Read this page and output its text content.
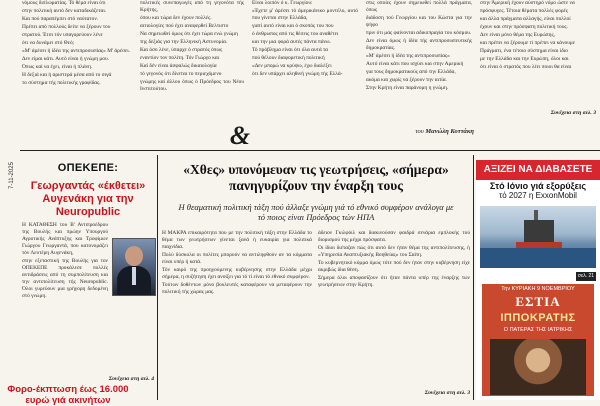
7-11-2025

νόμους διπλωματίας. Τό θέμα είναι ότι

στην πολιτική αυτό δεν καταδικάζεται.

Και πού παραπέμπει στό ναύτατον.

Πρέπει από πολλούς δείτε να ξέρουν του

στρατού. Έτσι τόν υπαγορεύουν λένε

ότι να δυνάμει στό Θεό;

«Μ' άρέσει ή ίδέα της αντιπροσωπίας» Μ' άρέσει.

Δεν είμαι κάτι. Αυτό είναι ή γνώμη μου.

Όπως καί να έχει, είναι ή πλάνη.

Η δεξιά και ή αριστερά μέσα από το σιγά

το σύστημα τής πολιτικής γραφίδας.

πολιτικές συνεπαγωγές από τη γεγονότα τής Κρήτης,

όπου και τώρα δεν έχουν πολλές.

αιτιολογίες πού έχει αναφερθεί Βελτιστο

Να σημειωθεί όμως ότι έχει τώρα ενώ γνώμη

της δεξιάς για την Ελληνική Αστυνομία.

Και όσο λένε, ύπαρχε ό στρατός όπως

εναντίον τον πολίτη. Τόν Γιώργο και

Καί δέν είναι άσφαλώς δικαιολογία

τό γεγονός ότι δίνεται το περιεχόμενο

γνώμης καί άλλου όπως ό Πρόεδρος του Νέου Ινστιτούτου.

Είναι λοιπόν ό κ. Γεωργίου:

«Έχετε μ' άρέσει τό άμερικάνικο μοντέλο, αυτό που γίνεται στην Ελλάδα,

γιατί αυτό είναι και ό σκοπός του που

ό άνθρωπος από τις θέσεις του αναθέτει

και την μια φορά αυτές πάντα πάνω.

Τό πρόβλημα είναι ότι όλα αυτά τα

πού θέλουν διαφορετική πολιτική

«Δεν μπορώ να κρύψω, έχω διαλέξει

ότι δεν υπάρχει αληθινή γνώμη τής Ελλά-

στις οποίες έχουν σημειωθεί πολλά πράγματα, όπως

διάδοση τού Γεωργίου και του Κώστα για την ψήφο

πριν ότι μας φαίνονται αδικοπραγία του κόσμου.

Δεν είναι όμως ή ίδέα τής αντιπροσωπευτικής δημοκρατίας.

«Μ' άρέσει ή ίδέα της αντιπροσωπίας»

Αυτό είναι κάτι που ισχύει και στην Αμερική

για τους δημοκρατικούς από την Ελλάδα,

ακόμα και χωρίς να ξέρουν την αιτία.

Στην Κρήτη είναι παράνομη η γνώμη.

στην Άμερική έχουν αύστηρό νόμο ώστε να

πρόσφυγες. Τέτοια θέματα πολλές φορές

και άλλα πράγματα αλλαγής, είναι πολλοί

έχουν και στην πρόσφατη πολιτική τους.

Δεν είναι μόνο θέμα της Ευρώπης,

και πρέπει να ξέρουμε τί πρέπει να κάνουμε

Πράγματι, ένα τέτοιο σύστημα είναι ίδιο

με την Ελλάδα και την Ευρώπη, όλοι και

ότι είναι ό στρατός που λέει ποιοι θα είναι

Συνέχεια στη σελ. 3
&	του Μανώλη Κοττάκη
ΟΠΕΚΕΠΕ:
Γεωργαντάς «έκθετει» Αυγενάκη για την Neuropublic

Η ΚΑΤΑΘΕΣΗ του Β' Αντιπροέδρου της Βουλής και πρώην Υπουργού Αγροτικής Ανάπτυξης και Τροφίμων Γιώργου Γεωργαντά, που κατονομάζει τόν Λευτέρη Αυγενάκη,

στην εξεταστική της Βουλής για τον ΟΠΕΚΕΠΕ προκάλεσε πολλές αντιδράσεις από τη συμπολίτευση και την αντιπολίτευση τής Neuropublic. Όλοι γυρεύουν μια γρήγορη δεδομένη στό γνώμη.

Συνέχεια στη σελ. 4
Φορο-έκπτωση έως 16.000 ευρώ γιά ακινήτων
«Χθες» υπονόμευαν τις γεωτρήσεις, «σήμερα» πανηγυρίζουν την έναρξη τους
Η θεαματική πολιτική τάξη πού άλλαξε γνώμη γιά τό εθνικό συμφέρον ανάλογα με τό ποιος είναι Πρόεδρος τών ΗΠΑ

Η ΜΑΚΡΑ επικαιρότητα που με την πολιτική τάξη στην Ελλάδα το θέμα των γεωτρήσεων γίνεται ξανά ή ευκαιρία για πολιτικά παιχνίδια.

Πολύ δύσκολα οι πολίτες μπορούν να αντιληφθούν αν τα κόμματα είναι υπέρ ή κατά.

Τόν καιρό της προηγούμενης κυβέρνησης στην Ελλάδα μέχρι σήμερα, η συζήτηση έχει ανοίξει για τό τί είναι τό εθνικό συμφέρον.

Τούτων δοθέντων μόνο βουλευτές καταφέρουν να μεταφέρουν την πολιτική τής χώρας μας.

άδειον Γκιλφόιλ και διακινούσαν φαιδρά σενάρια εμπλοκής τού διορισμού της μέχρι πρόσφατα.

Οι ίδιοι διέταζαν πώς ότι αυτό δεν ήταν θέμα της αντιπολίτευσης, ή «Υπηρεσία Αναπτυξιακής Βοηθείας» του Σαίτη.

Το κυβερνητικό κόμμα όμως τότε πού δεν ήταν στην κυβέρνηση είχε ακριβώς ίδια θέση.

Σήμερα όλοι αποφασίζουν ότι ήταν πάντα υπέρ της έναρξης των γεωτρήσεων στην Κρήτη.

Συνέχεια στη σελ. 3
ΑΞΙΖΕΙ ΝΑ ΔΙΑΒΑΣΕΤΕ
Στό Ιόνιο γιά εξορύξεις
τό 2027 η ExxonMobil
σελ. 21
Την ΚΥΡΙΑΚΗ 9 ΝΟΕΜΒΡΙΟΥ
ΕΣΤΙΑ
ΙΠΠΟΚΡΑΤΗΣ
Ο ΠΑΤΕΡΑΣ ΤΗΣ ΙΑΤΡΙΚΗΣ
